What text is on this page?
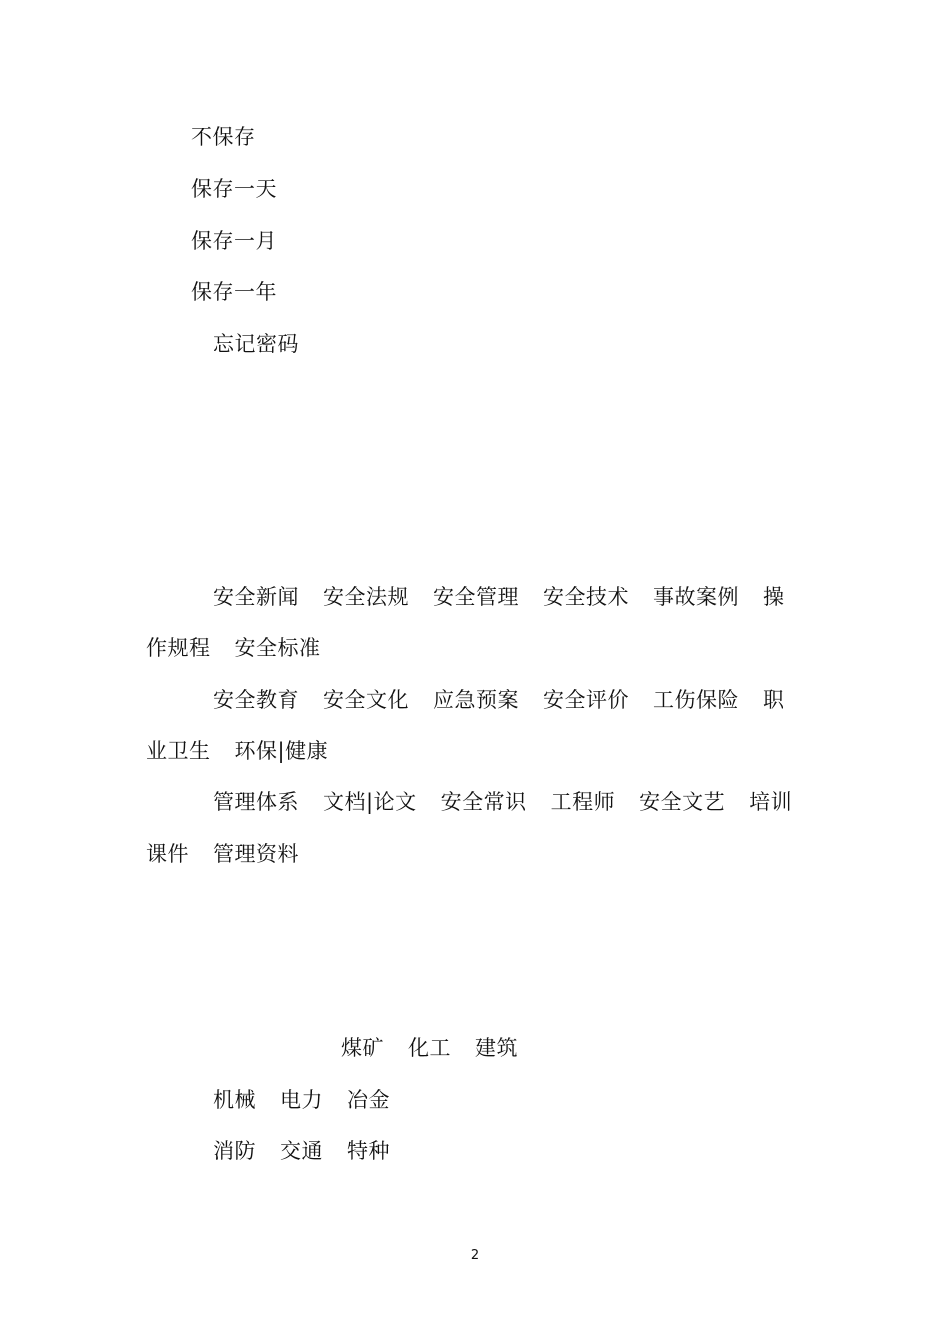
不保存
保存一天
保存一月
保存一年
忘记密码
安全新闻 安全法规 安全管理 安全技术 事故案例 操
作规程 安全标准
安全教育 安全文化 应急预案 安全评价 工伤保险 职
业卫生 环保|健康
管理体系 文档|论文 安全常识 工程师 安全文艺 培训
课件 管理资料
煤矿 化工 建筑
机械 电力 冶金
消防 交通 特种
2
